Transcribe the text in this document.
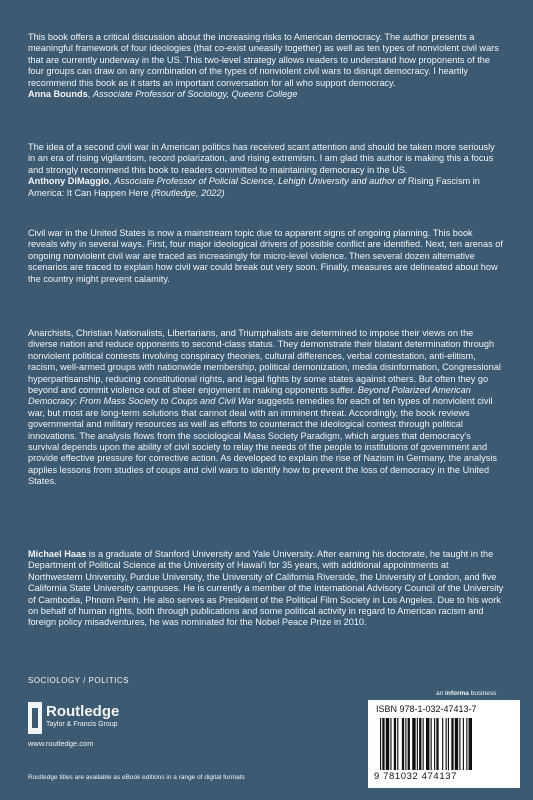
This book offers a critical discussion about the increasing risks to American democracy. The author presents a meaningful framework of four ideologies (that co-exist uneasily together) as well as ten types of nonviolent civil wars that are currently underway in the US. This two-level strategy allows readers to understand how proponents of the four groups can draw on any combination of the types of nonviolent civil wars to disrupt democracy. I heartily recommend this book as it starts an important conversation for all who support democracy.

Anna Bounds, Associate Professor of Sociology, Queens College

The idea of a second civil war in American politics has received scant attention and should be taken more seriously in an era of rising vigilantism, record polarization, and rising extremism. I am glad this author is making this a focus and strongly recommend this book to readers committed to maintaining democracy in the US.

Anthony DiMaggio, Associate Professor of Policial Science, Lehigh University and author of Rising Fascism in America: It Can Happen Here (Routledge, 2022)

Civil war in the United States is now a mainstream topic due to apparent signs of ongoing planning. This book reveals why in several ways. First, four major ideological drivers of possible conflict are identified. Next, ten arenas of ongoing nonviolent civil war are traced as increasingly for micro-level violence. Then several dozen alternative scenarios are traced to explain how civil war could break out very soon. Finally, measures are delineated about how the country might prevent calamity.

Anarchists, Christian Nationalists, Libertarians, and Triumphalists are determined to impose their views on the diverse nation and reduce opponents to second-class status. They demonstrate their blatant determination through nonviolent political contests involving conspiracy theories, cultural differences, verbal contestation, anti-elitism, racism, well-armed groups with nationwide membership, political demonization, media disinformation, Congressional hyperpartisanship, reducing constitutional rights, and legal fights by some states against others. But often they go beyond and commit violence out of sheer enjoyment in making opponents suffer. Beyond Polarized American Democracy: From Mass Society to Coups and Civil War suggests remedies for each of ten types of nonviolent civil war, but most are long-term solutions that cannot deal with an imminent threat. Accordingly, the book reviews governmental and military resources as well as efforts to counteract the ideological contest through political innovations. The analysis flows from the sociological Mass Society Paradigm, which argues that democracy's survival depends upon the ability of civil society to relay the needs of the people to institutions of government and provide effective pressure for corrective action. As developed to explain the rise of Nazism in Germany, the analysis applies lessons from studies of coups and civil wars to identify how to prevent the loss of democracy in the United States.

Michael Haas is a graduate of Stanford University and Yale University. After earning his doctorate, he taught in the Department of Political Science at the University of Hawai'i for 35 years, with additional appointments at Northwestern University, Purdue University, the University of California Riverside, the University of London, and five California State University campuses. He is currently a member of the International Advisory Council of the University of Cambodia, Phnom Penh. He also serves as President of the Political Film Society in Los Angeles. Due to his work on behalf of human rights, both through publications and some political activity in regard to American racism and foreign policy misadventures, he was nominated for the Nobel Peace Prize in 2010.

SOCIOLOGY / POLITICS
Routledge
Taylor & Francis Group
www.routledge.com
an informa business
ISBN 978-1-032-47413-7
9 781032 474137
Routledge titles are available as eBook editions in a range of digital formats
